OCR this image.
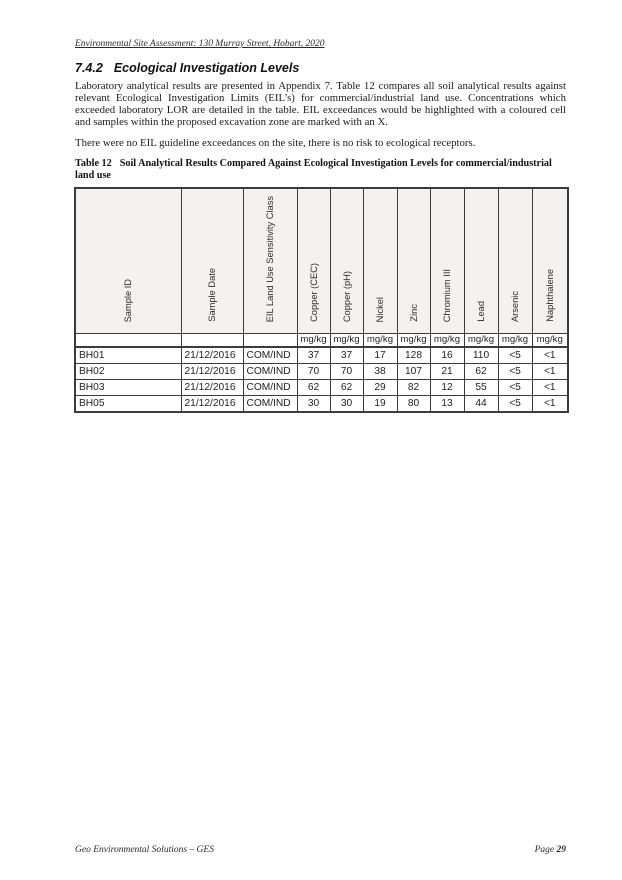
Environmental Site Assessment: 130 Murray Street, Hobart, 2020
7.4.2 Ecological Investigation Levels

Laboratory analytical results are presented in Appendix 7. Table 12 compares all soil analytical results against relevant Ecological Investigation Limits (EIL’s) for commercial/industrial land use. Concentrations which exceeded laboratory LOR are detailed in the table. EIL exceedances would be highlighted with a coloured cell and samples within the proposed excavation zone are marked with an X.

There were no EIL guideline exceedances on the site, there is no risk to ecological receptors.

Table 12 Soil Analytical Results Compared Against Ecological Investigation Levels for commercial/industrial land use

Sample ID	Sample Date	EIL Land Use Sensitivity Class	Copper (CEC)	Copper (pH)	Nickel	Zinc	Chromium III	Lead	Arsenic	Naphthalene
			mg/kg	mg/kg	mg/kg	mg/kg	mg/kg	mg/kg	mg/kg	mg/kg
BH01	21/12/2016	COM/IND	37	37	17	128	16	110	<5	<1
BH02	21/12/2016	COM/IND	70	70	38	107	21	62	<5	<1
BH03	21/12/2016	COM/IND	62	62	29	82	12	55	<5	<1
BH05	21/12/2016	COM/IND	30	30	19	80	13	44	<5	<1
Geo Environmental Solutions – GES	Page 29
